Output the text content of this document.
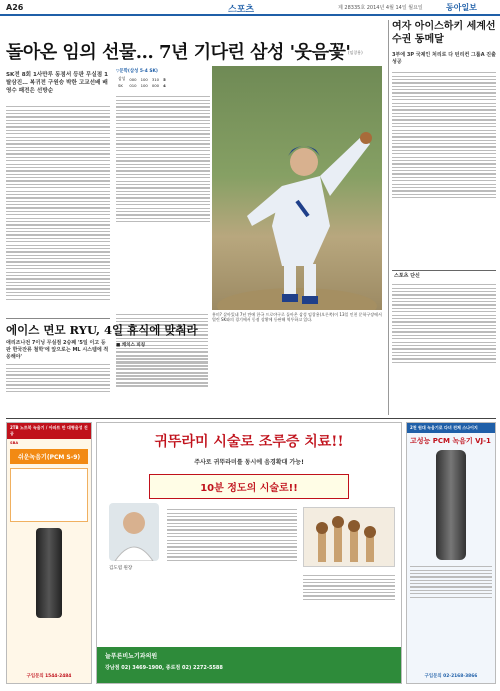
A26	스포츠	제 28335호 2014년 4월 14일 월요일	동아일보
돌아온 임의 선물… 7년 기다린 삼성 '웃음꽃'
(임창용)
SK전 8회 1사만루 동점서 등판 무실점 1탈삼진… 복귀전 구원승 박한 고교선배 배영수 패전은 선방순
▽문학(삼성 5-4 SK)
삼성	000	100	310	5
SK	010	100	000	4
흥미? 살아있네 7년 만에 한국 프로야구로 돌아온 삼성 임창용(오른쪽)이 13일 인천 문학구장에서 열린 SK와의 경기에서 동점 상황에 등판해 역투하고 있다.
여자 아이스하키 세계선수권 동메달
3부에 3P 국제인 처리로 다 턴리컨 그룹A 진출 성공
스포츠 단신
에이스 면모 RYU, 4일 휴식에 맞춰라
애리조나전 7이닝 무실점 2승째 '5일 이고 등판 한국잔류 철학'에 앞으로는 ML 시스템에 적응해야'
■ 캐치스 피칭
2TB 노트북 녹음기 / 아파트 만 대형음성 진공
SBA
쉬운녹음기(PCM S-9)
구입문의 1544-2484
귀뚜라미 시술로 조루증 치료!!
주사로 귀뚜라미를 동시에 음경확대 가능!
10분 정도의 시술로!!
김도엽 원장
늘푸른비뇨기과의원
강남점 02) 3469-1900, 종로점 02) 2272-5588
2천 원대 녹음기로 다녀 전체 스나이지
고성능 PCM 녹음기 VJ-1
구입문의 02-2168-3866
